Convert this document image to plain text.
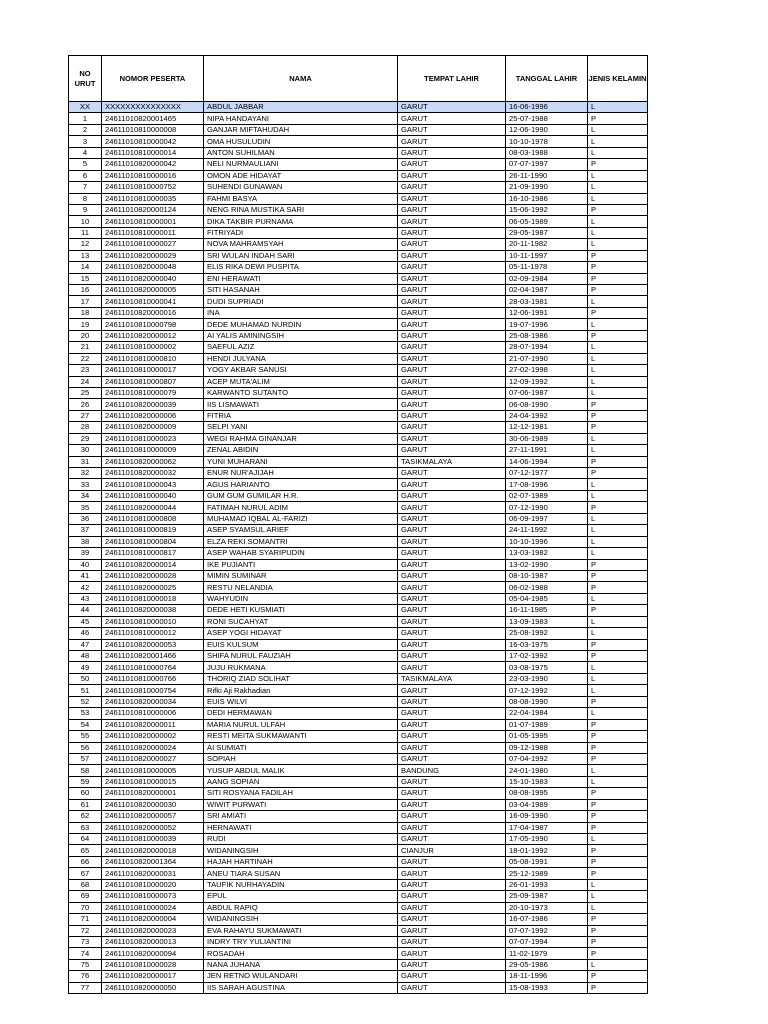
NO URUT	NOMOR PESERTA	NAMA	TEMPAT LAHIR	TANGGAL LAHIR	JENIS KELAMIN
XX	XXXXXXXXXXXXXXX	ABDUL JABBAR	GARUT	16-06-1996	L
1	24611010820001465	NIPA HANDAYANI	GARUT	25-07-1988	P
2	24611010810000008	GANJAR MIFTAHUDAH	GARUT	12-06-1990	L
3	24611010810000042	OMA HUSULUDIN	GARUT	10-10-1978	L
4	24611010810000014	ANTON SUHILMAN	GARUT	08-03-1988	L
5	24611010820000042	NELI NURMAULIANI	GARUT	07-07-1997	P
6	24611010810000016	OMON ADE HIDAYAT	GARUT	26-11-1990	L
7	24611010810000752	SUHENDI GUNAWAN	GARUT	21-09-1990	L
8	24611010810000035	FAHMI BASYA	GARUT	16-10-1986	L
9	24611010820000124	NENG RINA MUSTIKA SARI	GARUT	15-06-1992	P
10	24611010810000001	DIKA TAKBIR PURNAMA	GARUT	06-05-1989	L
11	24611010810000011	FITRIYADI	GARUT	29-05-1987	L
12	24611010810000027	NOVA MAHRAMSYAH	GARUT	20-11-1982	L
13	24611010820000029	SRI WULAN INDAH SARI	GARUT	10-11-1997	P
14	24611010820000048	ELIS RIKA DEWI PUSPITA	GARUT	05-11-1978	P
15	24611010820000040	ENI HERAWATI	GARUT	02-09-1984	P
16	24611010820000005	SITI HASANAH	GARUT	02-04-1987	P
17	24611010810000041	DUDI SUPRIADI	GARUT	28-03-1981	L
18	24611010820000016	INA	GARUT	12-06-1991	P
19	24611010810000798	DEDE MUHAMAD NURDIN	GARUT	19-07-1996	L
20	24611010820000012	AI YALIS AMININGSIH	GARUT	25-08-1986	P
21	24611010810000002	SAEFUL AZIZ	GARUT	28-07-1994	L
22	24611010810000810	HENDI JULYANA	GARUT	21-07-1990	L
23	24611010810000017	YOGY AKBAR SANUSI	GARUT	27-02-1998	L
24	24611010810000807	ACEP MUTA'ALIM	GARUT	12-09-1992	L
25	24611010810000079	KARWANTO SUTANTO	GARUT	07-06-1987	L
26	24611010820000039	IIS LISMAWATI	GARUT	06-08-1990	P
27	24611010820000006	FITRIA	GARUT	24-04-1992	P
28	24611010820000009	SELPI YANI	GARUT	12-12-1981	P
29	24611010810000023	WEGI RAHMA GINANJAR	GARUT	30-06-1989	L
30	24611010810000009	ZENAL ABIDIN	GARUT	27-11-1991	L
31	24611010820000062	YUNI MUHARANI	TASIKMALAYA	14-06-1994	P
32	24611010820000032	ENUR NUR'AJIJAH	GARUT	07-12-1977	P
33	24611010810000043	AGUS HARIANTO	GARUT	17-08-1996	L
34	24611010810000040	GUM GUM GUMILAR H.R.	GARUT	02-07-1989	L
35	24611010820000044	FATIMAH NURUL ADIM	GARUT	07-12-1990	P
36	24611010810000808	MUHAMAD IQBAL AL-FARIZI	GARUT	06-09-1997	L
37	24611010810000819	ASEP SYAMSUL ARIEF	GARUT	24-11-1992	L
38	24611010810000804	ELZA REKI SOMANTRI	GARUT	10-10-1996	L
39	24611010810000817	ASEP WAHAB SYARIPUDIN	GARUT	13-03-1982	L
40	24611010820000014	IKE PUJIANTI	GARUT	13-02-1990	P
41	24611010820000028	MIMIN SUMINAR	GARUT	08-10-1987	P
42	24611010820000025	RESTU NELANDIA	GARUT	06-02-1988	P
43	24611010810000018	WAHYUDIN	GARUT	05-04-1985	L
44	24611010820000038	DEDE HETI KUSMIATI	GARUT	16-11-1985	P
45	24611010810000010	RONI SUCAHYAT	GARUT	13-09-1983	L
46	24611010810000012	ASEP YOGI HIDAYAT	GARUT	25-08-1992	L
47	24611010820000053	EUIS KULSUM	GARUT	16-03-1975	P
48	24611010820001466	SHIFA NURUL FAUZIAH	GARUT	17-02-1992	P
49	24611010810000764	JUJU RUKMANA	GARUT	03-08-1975	L
50	24611010810000766	THORIQ ZIAD SOLIHAT	TASIKMALAYA	23-03-1990	L
51	24611010810000754	Rifki Aji Rakhadian	GARUT	07-12-1992	L
52	24611010820000034	EUIS WILVI	GARUT	08-08-1990	P
53	24611010810000006	DEDI HERMAWAN	GARUT	22-04-1984	L
54	24611010820000011	MARIA NURUL ULFAH	GARUT	01-07-1989	P
55	24611010820000002	RESTI MEITA SUKMAWANTI	GARUT	01-05-1995	P
56	24611010820000024	AI SUMIATI	GARUT	09-12-1988	P
57	24611010820000027	SOPIAH	GARUT	07-04-1992	P
58	24611010810000005	YUSUP ABDUL MALIK	BANDUNG	24-01-1980	L
59	24611010810000015	AANG SOPIAN	GARUT	15-10-1983	L
60	24611010820000001	SITI ROSYANA FADILAH	GARUT	08-08-1995	P
61	24611010820000030	WIWIT PURWATI	GARUT	03-04-1989	P
62	24611010820000057	SRI AMIATI	GARUT	16-09-1990	P
63	24611010820000052	HERNAWATI	GARUT	17-04-1987	P
64	24611010810000039	RUDI	GARUT	17-05-1990	L
65	24611010820000018	WIDANINGSIH	CIANJUR	18-01-1992	P
66	24611010820001364	HAJAH HARTINAH	GARUT	05-08-1991	P
67	24611010820000031	ANEU TIARA SUSAN	GARUT	25-12-1989	P
68	24611010810000020	TAUFIK NURHAYADIN	GARUT	26-01-1993	L
69	24611010810000073	EPUL	GARUT	25-09-1987	L
70	24611010810000024	ABDUL RAPIQ	GARUT	20-10-1973	L
71	24611010820000004	WIDANINGSIH	GARUT	16-07-1986	P
72	24611010820000023	EVA RAHAYU SUKMAWATI	GARUT	07-07-1992	P
73	24611010820000013	INDRY TRY YULIANTINI	GARUT	07-07-1994	P
74	24611010820000094	ROSADAH	GARUT	11-02-1979	P
75	24611010810000028	NANA JUHANA	GARUT	29-05-1986	L
76	24611010820000017	JEN RETNO WULANDARI	GARUT	18-11-1996	P
77	24611010820000050	IIS SARAH AGUSTINA	GARUT	15-08-1993	P
